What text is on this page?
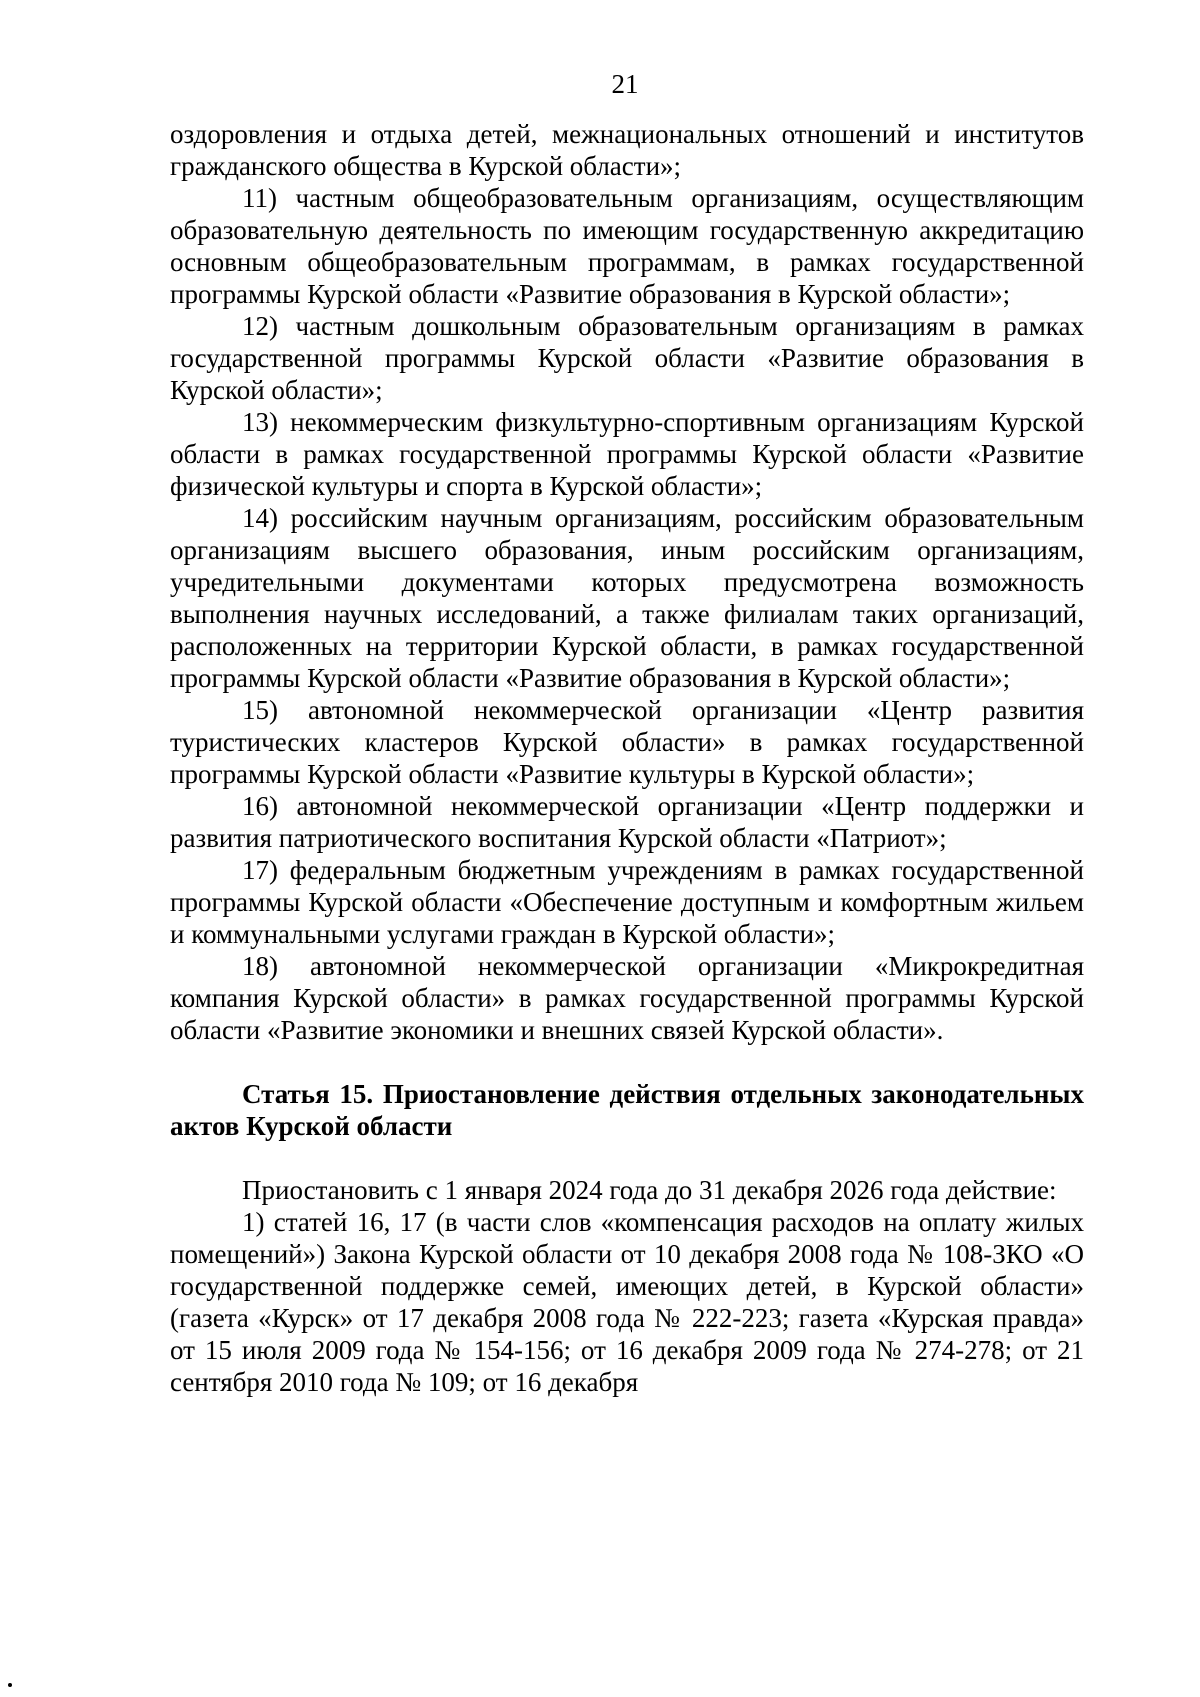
21

оздоровления и отдыха детей, межнациональных отношений и институтов гражданского общества в Курской области»;

11) частным общеобразовательным организациям, осуществляющим образовательную деятельность по имеющим государственную аккредитацию основным общеобразовательным программам, в рамках государственной программы Курской области «Развитие образования в Курской области»;

12) частным дошкольным образовательным организациям в рамках государственной программы Курской области «Развитие образования в Курской области»;

13) некоммерческим физкультурно-спортивным организациям Курской области в рамках государственной программы Курской области «Развитие физической культуры и спорта в Курской области»;

14) российским научным организациям, российским образовательным организациям высшего образования, иным российским организациям, учредительными документами которых предусмотрена возможность выполнения научных исследований, а также филиалам таких организаций, расположенных на территории Курской области, в рамках государственной программы Курской области «Развитие образования в Курской области»;

15) автономной некоммерческой организации «Центр развития туристических кластеров Курской области» в рамках государственной программы Курской области «Развитие культуры в Курской области»;

16) автономной некоммерческой организации «Центр поддержки и развития патриотического воспитания Курской области «Патриот»;

17) федеральным бюджетным учреждениям в рамках государственной программы Курской области «Обеспечение доступным и комфортным жильем и коммунальными услугами граждан в Курской области»;

18) автономной некоммерческой организации «Микрокредитная компания Курской области» в рамках государственной программы Курской области «Развитие экономики и внешних связей Курской области».

Статья 15. Приостановление действия отдельных законодательных актов Курской области

Приостановить с 1 января 2024 года до 31 декабря 2026 года действие:

1) статей 16, 17 (в части слов «компенсация расходов на оплату жилых помещений») Закона Курской области от 10 декабря 2008 года № 108-ЗКО «О государственной поддержке семей, имеющих детей, в Курской области» (газета «Курск» от 17 декабря 2008 года № 222-223; газета «Курская правда» от 15 июля 2009 года № 154-156; от 16 декабря 2009 года № 274-278; от 21 сентября 2010 года № 109; от 16 декабря
